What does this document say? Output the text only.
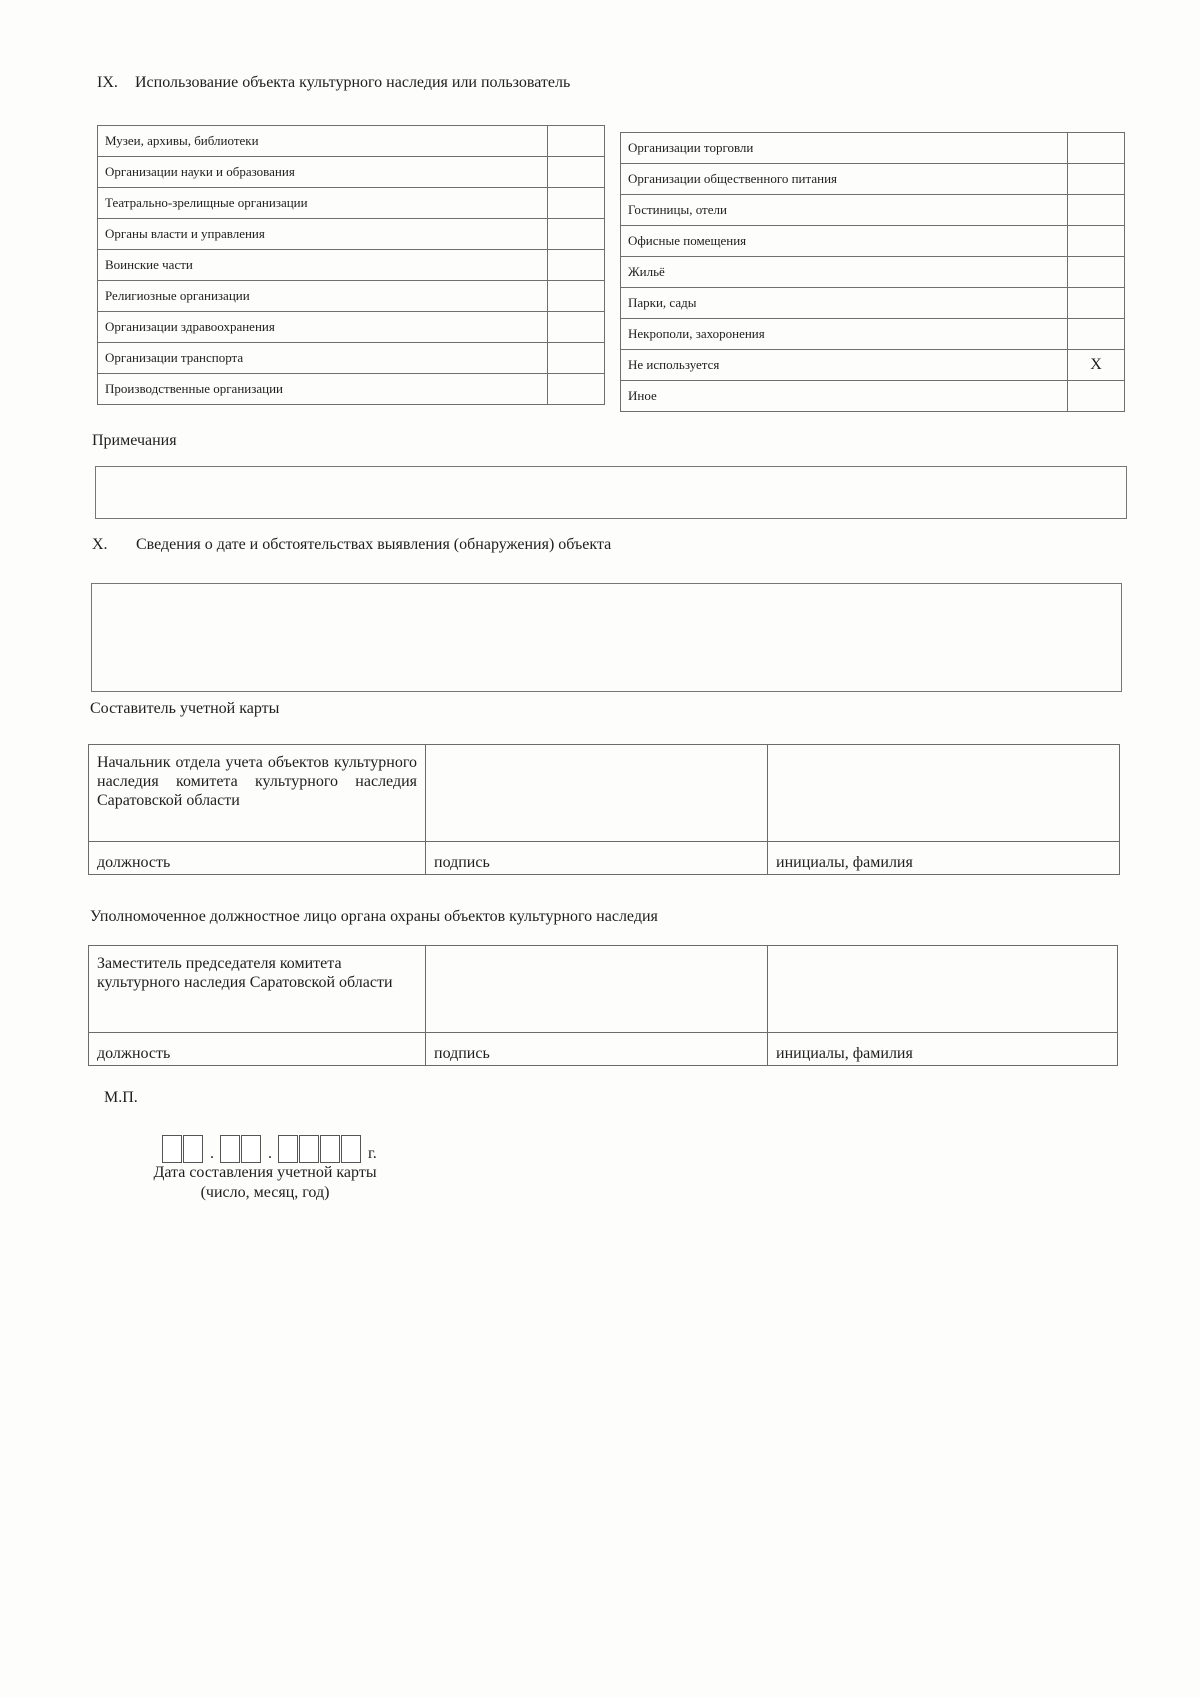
IX. Использование объекта культурного наследия или пользователь
Музеи, архивы, библиотеки	
Организации науки и образования	
Театрально-зрелищные организации	
Органы власти и управления	
Воинские части	
Религиозные организации	
Организации здравоохранения	
Организации транспорта	
Производственные организации	
Организации торговли	
Организации общественного питания	
Гостиницы, отели	
Офисные помещения	
Жильё	
Парки, сады	
Некрополи, захоронения	
Не используется	X
Иное	
Примечания
X. Сведения о дате и обстоятельствах выявления (обнаружения) объекта
Составитель учетной карты
Начальник отдела учета объектов культурного наследия комитета культурного наследия Саратовской области		
должность	подпись	инициалы, фамилия
Уполномоченное должностное лицо органа охраны объектов культурного наследия
Заместитель председателя комитета культурного наследия Саратовской области		
должность	подпись	инициалы, фамилия
М.П.
.	.	г.
Дата составления учетной карты
(число, месяц, год)
